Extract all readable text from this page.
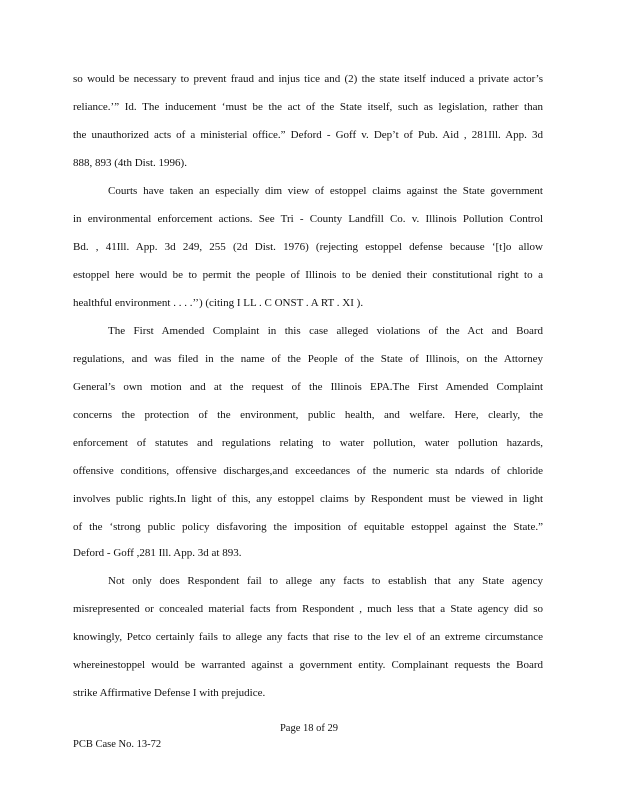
so would be necessary to prevent fraud and injus tice and (2) the state itself induced a private actor’s
reliance.’” Id. The inducement ‘must be the act of the State itself, such as legislation, rather than
the unauthorized acts of a ministerial office.” Deford - Goff v. Dep’t of Pub. Aid , 281Ill. App. 3d
888, 893 (4th Dist. 1996).
Courts have taken an especially dim view of estoppel claims against the State government
in environmental enforcement actions. See Tri - County Landfill Co. v. Illinois Pollution Control
Bd. , 41Ill. App. 3d 249, 255 (2d Dist. 1976) (rejecting estoppel defense because ‘[t]o allow
estoppel here would be to permit the people of Illinois to be denied their constitutional right to a
healthful environment . . . .’’) (citing I LL . C ONST . A RT . XI ).
The First Amended Complaint in this case alleged violations of the Act and Board
regulations, and was filed in the name of the People of the State of Illinois, on the Attorney
General’s own motion and at the request of the Illinois EPA.The First Amended Complaint
concerns the protection of the environment, public health, and welfare. Here, clearly, the
enforcement of statutes and regulations relating to water pollution, water pollution hazards,
offensive conditions, offensive discharges,and exceedances of the numeric sta ndards of chloride
involves public rights.In light of this, any estoppel claims by Respondent must be viewed in light
of the ‘strong public policy disfavoring the imposition of equitable estoppel against the State.”
Deford - Goff ,281 Ill. App. 3d at 893.
Not only does Respondent fail to allege any facts to establish that any State agency
misrepresented or concealed material facts from Respondent , much less that a State agency did so
knowingly, Petco certainly fails to allege any facts that rise to the lev el of an extreme circumstance
whereinestoppel would be warranted against a government entity. Complainant requests the Board
strike Affirmative Defense I with prejudice.
Page 18 of 29
PCB Case No. 13-72
